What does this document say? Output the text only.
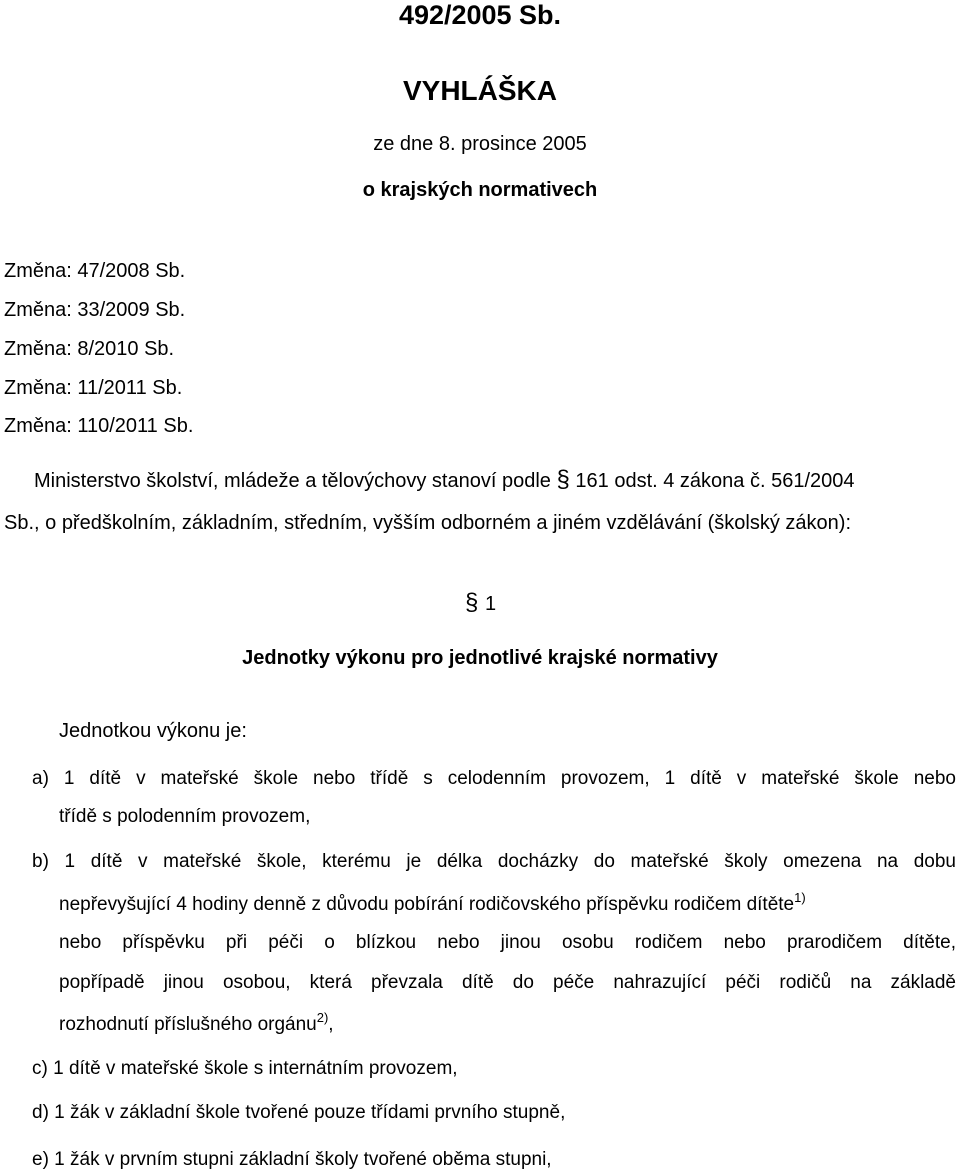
492/2005 Sb.
VYHLÁŠKA
ze dne 8. prosince 2005
o krajských normativech
Změna: 47/2008 Sb.
Změna: 33/2009 Sb.
Změna: 8/2010 Sb.
Změna: 11/2011 Sb.
Změna: 110/2011 Sb.
Ministerstvo školství, mládeže a tělovýchovy stanoví podle § 161 odst. 4 zákona č. 561/2004
Sb., o předškolním, základním, středním, vyšším odborném a jiném vzdělávání (školský zákon):
§ 1
Jednotky výkonu pro jednotlivé krajské normativy
Jednotkou výkonu je:
a) 1 dítě v mateřské škole nebo třídě s celodenním provozem, 1 dítě v mateřské škole nebo
třídě s polodenním provozem,
b) 1 dítě v mateřské škole, kterému je délka docházky do mateřské školy omezena na dobu
nepřevyšující 4 hodiny denně z důvodu pobírání rodičovského příspěvku rodičem dítěte$^{1)}$
nebo příspěvku při péči o blízkou nebo jinou osobu rodičem nebo prarodičem dítěte,
popřípadě jinou osobou, která převzala dítě do péče nahrazující péči rodičů na základě
rozhodnutí příslušného orgánu$^{2)}$,
c) 1 dítě v mateřské škole s internátním provozem,
d) 1 žák v základní škole tvořené pouze třídami prvního stupně,
e) 1 žák v prvním stupni základní školy tvořené oběma stupni,
